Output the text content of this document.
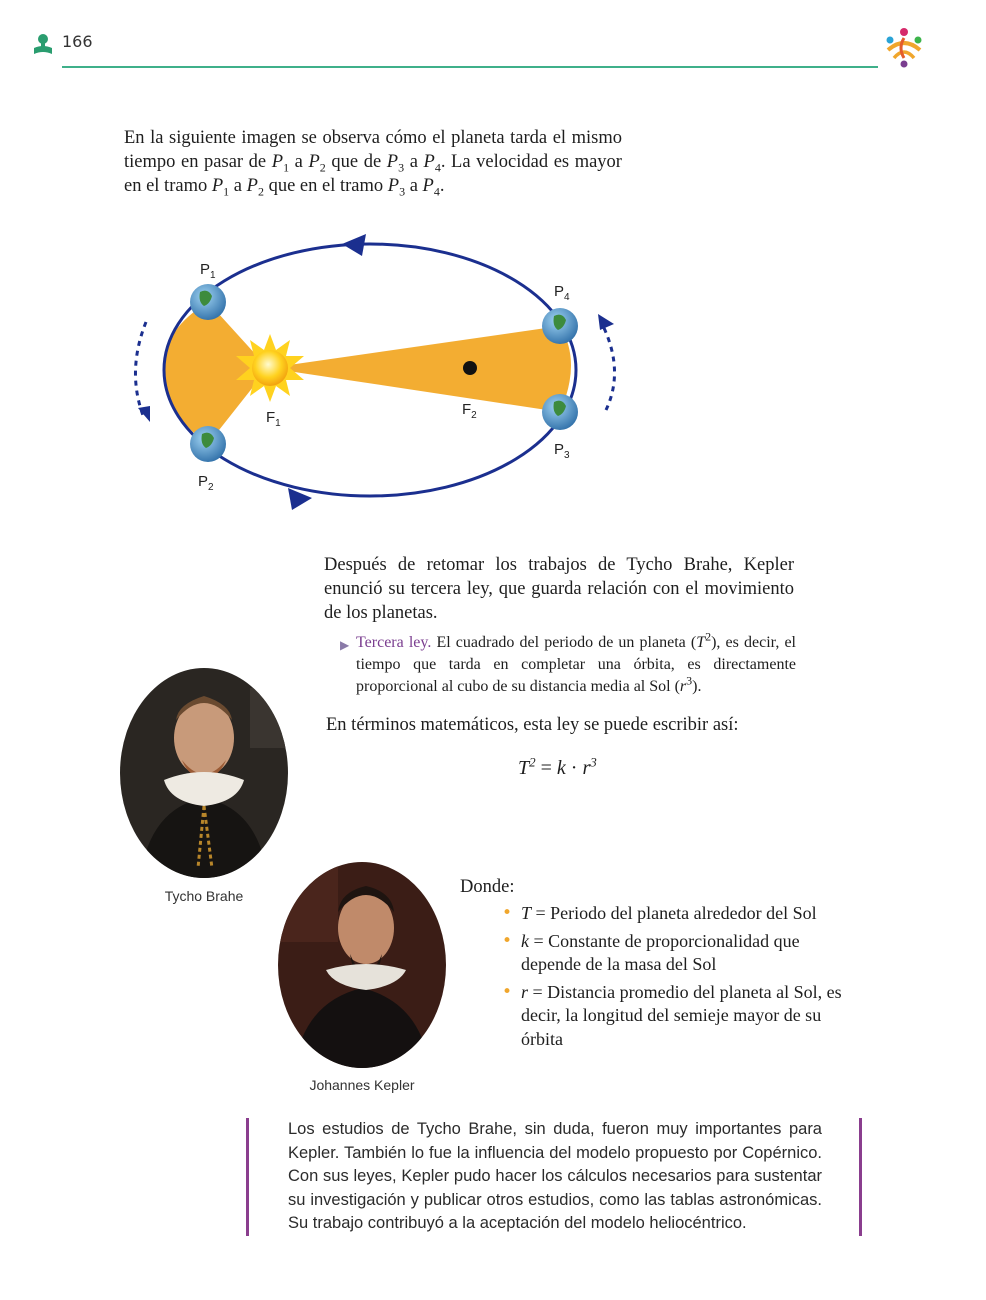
166

En la siguiente imagen se observa cómo el planeta tarda el mismo tiempo en pasar de $P_1$ a $P_2$ que de $P_3$ a $P_4$. La velocidad es mayor en el tramo $P_1$ a $P_2$ que en el tramo $P_3$ a $P_4$.

$P_1$
$P_2$
$P_3$
$P_4$
$F_1$
$F_2$

Después de retomar los trabajos de Tycho Brahe, Kepler enunció su tercera ley, que guarda relación con el movimiento de los planetas.

▶ Tercera ley. El cuadrado del periodo de un planeta $(T^2)$, es decir, el tiempo que tarda en completar una órbita, es directamente proporcional al cubo de su distancia media al Sol $(r^3)$.

En términos matemáticos, esta ley se puede escribir así:

$T^2 = k \cdot r^3$
Tycho Brahe
Johannes Kepler
Donde:
• T = Periodo del planeta alrededor del Sol
• k = Constante de proporcionalidad que depende de la masa del Sol
• r = Distancia promedio del planeta al Sol, es decir, la longitud del semieje mayor de su órbita

Los estudios de Tycho Brahe, sin duda, fueron muy importantes para Kepler. También lo fue la influencia del modelo propuesto por Copérnico. Con sus leyes, Kepler pudo hacer los cálculos necesarios para sustentar su investigación y publicar otros estudios, como las tablas astronómicas. Su trabajo contribuyó a la aceptación del modelo heliocéntrico.
